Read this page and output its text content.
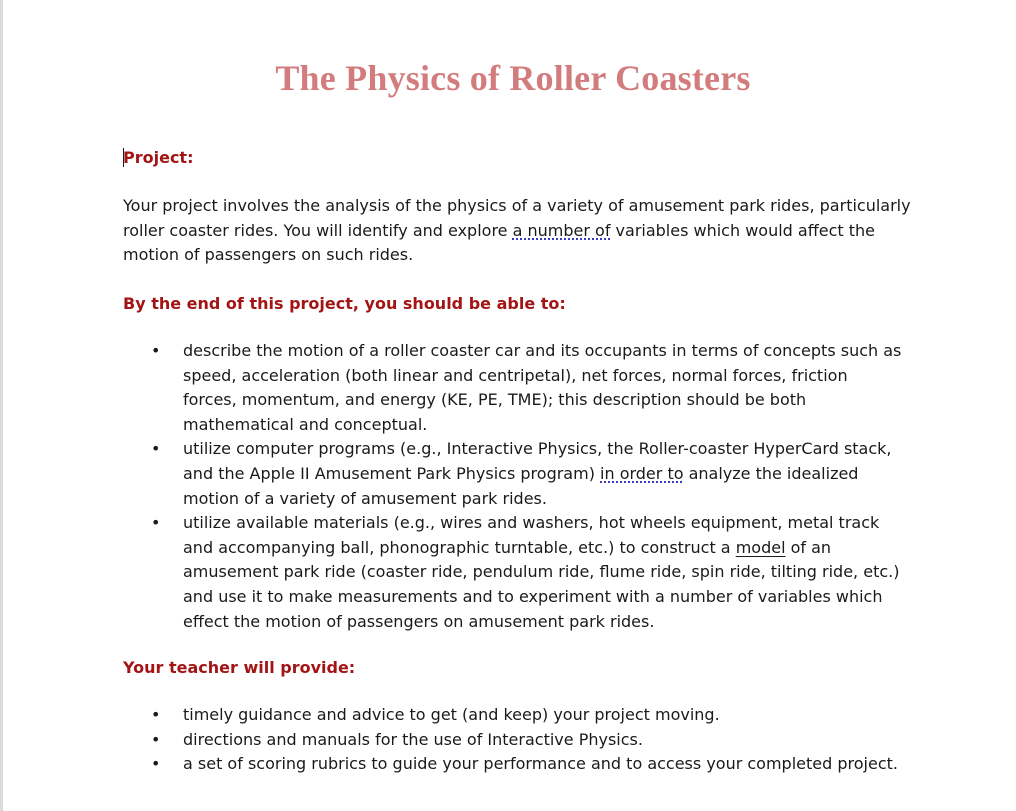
The Physics of Roller Coasters
Project:

Your project involves the analysis of the physics of a variety of amusement park rides, particularly roller coaster rides. You will identify and explore a number of variables which would affect the motion of passengers on such rides.

By the end of this project, you should be able to:
• describe the motion of a roller coaster car and its occupants in terms of concepts such as speed, acceleration (both linear and centripetal), net forces, normal forces, friction forces, momentum, and energy (KE, PE, TME); this description should be both mathematical and conceptual.
• utilize computer programs (e.g., Interactive Physics, the Roller-coaster HyperCard stack, and the Apple II Amusement Park Physics program) in order to analyze the idealized motion of a variety of amusement park rides.
• utilize available materials (e.g., wires and washers, hot wheels equipment, metal track and accompanying ball, phonographic turntable, etc.) to construct a model of an amusement park ride (coaster ride, pendulum ride, flume ride, spin ride, tilting ride, etc.) and use it to make measurements and to experiment with a number of variables which effect the motion of passengers on amusement park rides.
Your teacher will provide:
• timely guidance and advice to get (and keep) your project moving.
• directions and manuals for the use of Interactive Physics.
• a set of scoring rubrics to guide your performance and to access your completed project.
